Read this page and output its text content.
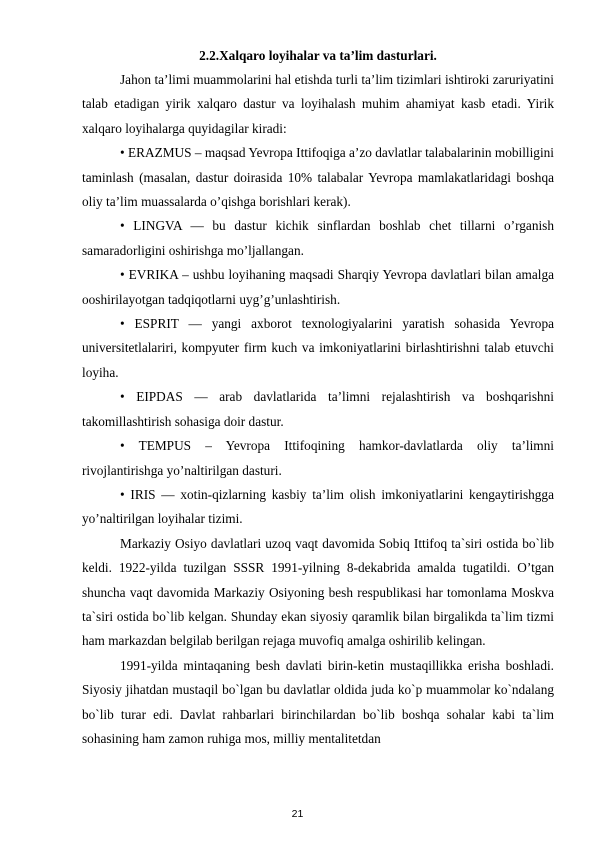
2.2.Xalqaro loyihalar va ta’lim dasturlari.

Jahon ta’limi muammolarini hal etishda turli ta’lim tizimlari ishtiroki zaruriyatini talab etadigan yirik xalqaro dastur va loyihalash muhim ahamiyat kasb etadi. Yirik xalqaro loyihalarga quyidagilar kiradi:

• ERAZMUS – maqsad Yevropa Ittifoqiga a’zo davlatlar talabalarinin mobilligini taminlash (masalan, dastur doirasida 10% talabalar Yevropa mamlakatlaridagi boshqa oliy ta’lim muassalarda o’qishga borishlari kerak).

• LINGVA — bu dastur kichik sinflardan boshlab chet tillarni o’rganish samaradorligini oshirishga mo’ljallangan.

• EVRIKA – ushbu loyihaning maqsadi Sharqiy Yevropa davlatlari bilan amalga ooshirilayotgan tadqiqotlarni uyg’g’unlashtirish.

• ESPRIT — yangi axborot texnologiyalarini yaratish sohasida Yevropa universitetlalariri, kompyuter firm kuch va imkoniyatlarini birlashtirishni talab etuvchi loyiha.

• EIPDAS — arab davlatlarida ta’limni rejalashtirish va boshqarishni takomillashtirish sohasiga doir dastur.

• TEMPUS – Yevropa Ittifoqining hamkor-davlatlarda oliy ta’limni rivojlantirishga yo’naltirilgan dasturi.

• IRIS — xotin-qizlarning kasbiy ta’lim olish imkoniyatlarini kengaytirishgga yo’naltirilgan loyihalar tizimi.

Markaziy Osiyo davlatlari uzoq vaqt davomida Sobiq Ittifoq ta`siri ostida bo`lib keldi. 1922-yilda tuzilgan SSSR 1991-yilning 8-dekabrida amalda tugatildi. O’tgan shuncha vaqt davomida Markaziy Osiyoning besh respublikasi har tomonlama Moskva ta`siri ostida bo`lib kelgan. Shunday ekan siyosiy qaramlik bilan birgalikda ta`lim tizmi ham markazdan belgilab berilgan rejaga muvofiq amalga oshirilib kelingan.

1991-yilda mintaqaning besh davlati birin-ketin mustaqillikka erisha boshladi. Siyosiy jihatdan mustaqil bo`lgan bu davlatlar oldida juda ko`p muammolar ko`ndalang bo`lib turar edi. Davlat rahbarlari birinchilardan bo`lib boshqa sohalar kabi ta`lim sohasining ham zamon ruhiga mos, milliy mentalitetdan

21
